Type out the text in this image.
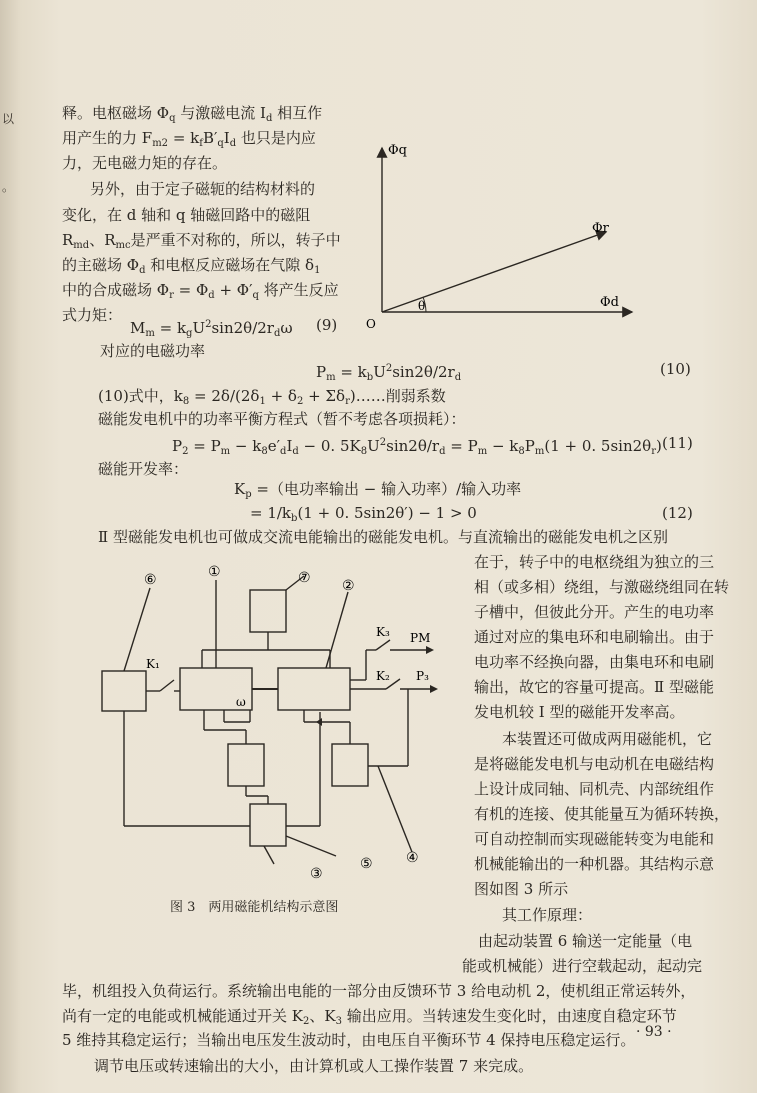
以
。
释。电枢磁场 $\Phi_q$ 与激磁电流 $I_d$ 相互作
用产生的力 $F_{m2} = k_fB'_qI_d$ 也只是内应
力，无电磁力矩的存在。
另外，由于定子磁轭的结构材料的
变化，在 d 轴和 q 轴磁回路中的磁阻
$R_{md}$、$R_{mc}$是严重不对称的，所以，转子中
的主磁场 $\Phi_d$ 和电枢反应磁场在气隙 $\delta_1$
中的合成磁场 $\Phi_r = \Phi_d + \Phi'_q$ 将产生反应
式力矩：
$M_m = k_gU^2\sin 2\theta/2r_d\omega$ (9)
对应的电磁功率
Φq
Φr
Φd
θ
O
$P_m = k_bU^2\sin 2\theta/2r_d$	(10)
(10)式中，$k_8 = 2\delta/(2\delta_1 + \delta_2$ + $\Sigma\delta_r)\dots\dots$削弱系数
磁能发电机中的功率平衡方程式（暂不考虑各项损耗）：
$P_2 = P_m - k_8e'_dI_d - 0$. $5K_8U^2\sin 2\theta/r_d = P_m - k_8P_m(1 + 0$. $5\sin 2\theta_r$) (11)
磁能开发率：
$K_p$ =（电功率输出 − 输入功率）/输入功率
= $1/k_b(1 + 0$. 5sin2θ′) − 1 > 0	(12)
Ⅱ 型磁能发电机也可做成交流电能输出的磁能发电机。与直流输出的磁能发电机之区别
在于，转子中的电枢绕组为独立的三
相（或多相）绕组，与激磁绕组同在转
子槽中，但彼此分开。产生的电功率
通过对应的集电环和电刷输出。由于
电功率不经换向器，由集电环和电刷
输出，故它的容量可提高。Ⅱ 型磁能
发电机较 Ⅰ 型的磁能开发率高。
本装置还可做成两用磁能机，它
是将磁能发电机与电动机在电磁结构
上设计成同轴、同机壳、内部统组作
有机的连接、使其能量互为循环转换，
可自动控制而实现磁能转变为电能和
机械能输出的一种机器。其结构示意
图如图 3 所示
其工作原理：
由起动装置 6 输送一定能量（电
能或机械能）进行空载起动，起动完
⑥	①	⑦ ②
③
⑤ ④
K₁
K₃ PM
K₂ P₃
ω
图 3　两用磁能机结构示意图
毕，机组投入负荷运行。系统输出电能的一部分由反馈环节 3 给电动机 2，使机组正常运转外，
尚有一定的电能或机械能通过开关 $K_2$、$K_3$ 输出应用。当转速发生变化时，由速度自稳定环节
5 维持其稳定运行；当输出电压发生波动时，由电压自平衡环节 4 保持电压稳定运行。
调节电压或转速输出的大小，由计算机或人工操作装置 7 来完成。
· 93 ·
